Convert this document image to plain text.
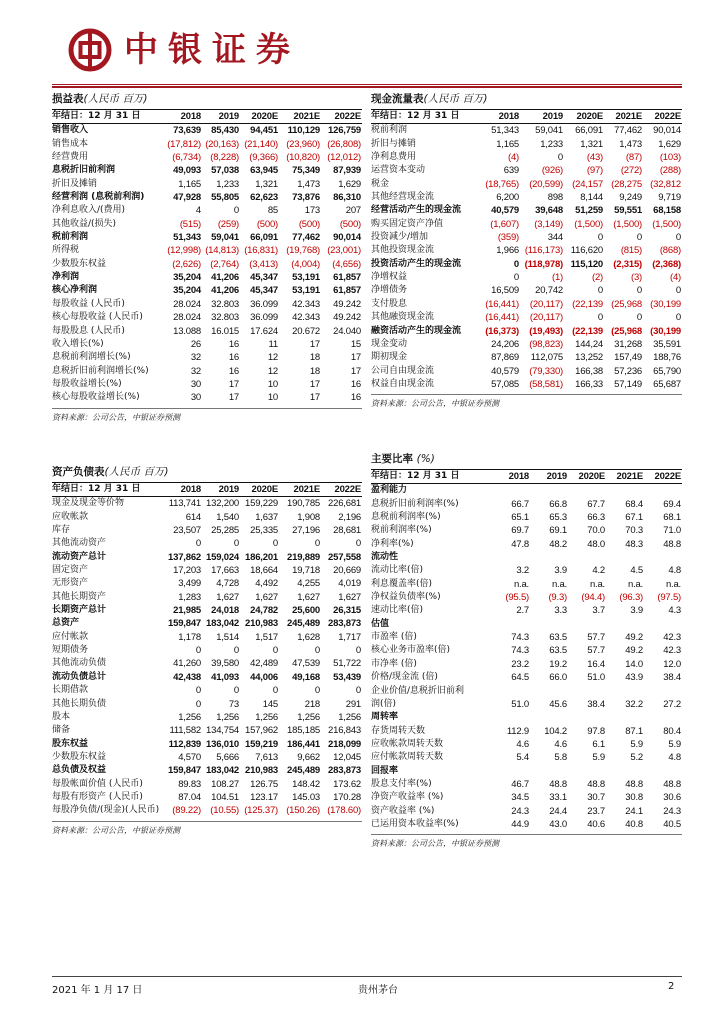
中银证券
损益表(人民币 百万)
年结日：12 月 31 日	2018	2019	2020E	2021E	2022E
销售收入	73,639	85,430	94,451	110,129	126,759
销售成本	(17,812)	(20,163)	(21,140)	(23,960)	(26,808)
经营费用	(6,734)	(8,228)	(9,366)	(10,820)	(12,012)
息税折旧前利润	49,093	57,038	63,945	75,349	87,939
折旧及摊销	1,165	1,233	1,321	1,473	1,629
经营利润 (息税前利润)	47,928	55,805	62,623	73,876	86,310
净利息收入/(费用)	4	0	85	173	207
其他收益/(损失)	(515)	(259)	(500)	(500)	(500)
税前利润	51,343	59,041	66,091	77,462	90,014
所得税	(12,998)	(14,813)	(16,831)	(19,768)	(23,001)
少数股东权益	(2,626)	(2,764)	(3,413)	(4,004)	(4,656)
净利润	35,204	41,206	45,347	53,191	61,857
核心净利润	35,204	41,206	45,347	53,191	61,857
每股收益 (人民币)	28.024	32.803	36.099	42.343	49.242
核心每股收益 (人民币)	28.024	32.803	36.099	42.343	49.242
每股股息 (人民币)	13.088	16.015	17.624	20.672	24.040
收入增长(%)	26	16	11	17	15
息税前利润增长(%)	32	16	12	18	17
息税折旧前利润增长(%)	32	16	12	18	17
每股收益增长(%)	30	17	10	17	16
核心每股收益增长(%)	30	17	10	17	16
资料来源：公司公告，中银证券预测
现金流量表(人民币 百万)
年结日：12 月 31 日	2018	2019	2020E	2021E	2022E
税前利润	51,343	59,041	66,091	77,462	90,014
折旧与摊销	1,165	1,233	1,321	1,473	1,629
净利息费用	(4)	0	(43)	(87)	(103)
运营资本变动	639	(926)	(97)	(272)	(288)
税金	(18,765)	(20,599)	(24,157	(28,275	(32,812
其他经营现金流	6,200	898	8,144	9,249	9,719
经营活动产生的现金流	40,579	39,648	51,259	59,551	68,158
购买固定资产净值	(1,607)	(3,149)	(1,500)	(1,500)	(1,500)
投资减少/增加	(359)	344	0	0	0
其他投资现金流	1,966	(116,173)	116,620	(815)	(868)
投资活动产生的现金流	0	(118,978)	115,120	(2,315)	(2,368)
净增权益	0	(1)	(2)	(3)	(4)
净增债务	16,509	20,742	0	0	0
支付股息	(16,441)	(20,117)	(22,139	(25,968	(30,199
其他融资现金流	(16,441)	(20,117)	0	0	0
融资活动产生的现金流	(16,373)	(19,493)	(22,139	(25,968	(30,199
现金变动	24,206	(98,823)	144,24	31,268	35,591
期初现金	87,869	112,075	13,252	157,49	188,76
公司自由现金流	40,579	(79,330)	166,38	57,236	65,790
权益自由现金流	57,085	(58,581)	166,33	57,149	65,687
资料来源：公司公告，中银证券预测
资产负债表(人民币 百万)
年结日：12 月 31 日	2018	2019	2020E	2021E	2022E
现金及现金等价物	113,741	132,200	159,229	190,785	226,681
应收帐款	614	1,540	1,637	1,908	2,196
库存	23,507	25,285	25,335	27,196	28,681
其他流动资产	0	0	0	0	0
流动资产总计	137,862	159,024	186,201	219,889	257,558
固定资产	17,203	17,663	18,664	19,718	20,669
无形资产	3,499	4,728	4,492	4,255	4,019
其他长期资产	1,283	1,627	1,627	1,627	1,627
长期资产总计	21,985	24,018	24,782	25,600	26,315
总资产	159,847	183,042	210,983	245,489	283,873
应付帐款	1,178	1,514	1,517	1,628	1,717
短期债务	0	0	0	0	0
其他流动负债	41,260	39,580	42,489	47,539	51,722
流动负债总计	42,438	41,093	44,006	49,168	53,439
长期借款	0	0	0	0	0
其他长期负债	0	73	145	218	291
股本	1,256	1,256	1,256	1,256	1,256
储备	111,582	134,754	157,962	185,185	216,843
股东权益	112,839	136,010	159,219	186,441	218,099
少数股东权益	4,570	5,666	7,613	9,662	12,045
总负债及权益	159,847	183,042	210,983	245,489	283,873
每股帐面价值 (人民币)	89.83	108.27	126.75	148.42	173.62
每股有形资产 (人民币)	87.04	104.51	123.17	145.03	170.28
每股净负债/(现金)(人民币)	(89.22)	(10.55)	(125.37)	(150.26)	(178.60)
资料来源：公司公告，中银证券预测
主要比率 (%)
年结日：12 月 31 日	2018	2019	2020E	2021E	2022E
盈利能力					
息税折旧前利润率(%)	66.7	66.8	67.7	68.4	69.4
息税前利润率(%)	65.1	65.3	66.3	67.1	68.1
税前利润率(%)	69.7	69.1	70.0	70.3	71.0
净利率(%)	47.8	48.2	48.0	48.3	48.8
流动性					
流动比率(倍)	3.2	3.9	4.2	4.5	4.8
利息覆盖率(倍)	n.a.	n.a.	n.a.	n.a.	n.a.
净权益负债率(%)	(95.5)	(9.3)	(94.4)	(96.3)	(97.5)
速动比率(倍)	2.7	3.3	3.7	3.9	4.3
估值					
市盈率 (倍)	74.3	63.5	57.7	49.2	42.3
核心业务市盈率(倍)	74.3	63.5	57.7	49.2	42.3
市净率 (倍)	23.2	19.2	16.4	14.0	12.0
价格/现金流 (倍)	64.5	66.0	51.0	43.9	38.4
企业价值/息税折旧前利					
润(倍)	51.0	45.6	38.4	32.2	27.2
周转率					
存货周转天数	112.9	104.2	97.8	87.1	80.4
应收帐款周转天数	4.6	4.6	6.1	5.9	5.9
应付帐款周转天数	5.4	5.8	5.9	5.2	4.8
回报率					
股息支付率(%)	46.7	48.8	48.8	48.8	48.8
净资产收益率 (%)	34.5	33.1	30.7	30.8	30.6
资产收益率 (%)	24.3	24.4	23.7	24.1	24.3
已运用资本收益率(%)	44.9	43.0	40.6	40.8	40.5
资料来源：公司公告，中银证券预测
2021 年 1 月 17 日	贵州茅台	2
